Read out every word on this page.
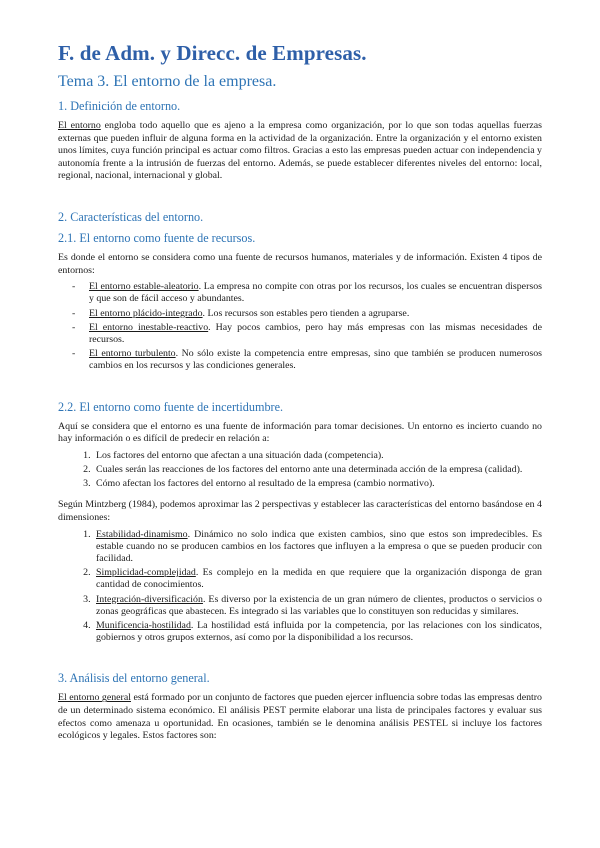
F. de Adm. y Direcc. de Empresas.
Tema 3. El entorno de la empresa.
1. Definición de entorno.

El entorno engloba todo aquello que es ajeno a la empresa como organización, por lo que son todas aquellas fuerzas externas que pueden influir de alguna forma en la actividad de la organización. Entre la organización y el entorno existen unos límites, cuya función principal es actuar como filtros. Gracias a esto las empresas pueden actuar con independencia y autonomía frente a la intrusión de fuerzas del entorno. Además, se puede establecer diferentes niveles del entorno: local, regional, nacional, internacional y global.

2. Características del entorno.
2.1. El entorno como fuente de recursos.

Es donde el entorno se considera como una fuente de recursos humanos, materiales y de información. Existen 4 tipos de entornos:

- El entorno estable-aleatorio. La empresa no compite con otras por los recursos, los cuales se encuentran dispersos y que son de fácil acceso y abundantes.
- El entorno plácido-integrado. Los recursos son estables pero tienden a agruparse.
- El entorno inestable-reactivo. Hay pocos cambios, pero hay más empresas con las mismas necesidades de recursos.
- El entorno turbulento. No sólo existe la competencia entre empresas, sino que también se producen numerosos cambios en los recursos y las condiciones generales.
2.2. El entorno como fuente de incertidumbre.

Aquí se considera que el entorno es una fuente de información para tomar decisiones. Un entorno es incierto cuando no hay información o es difícil de predecir en relación a:

1. Los factores del entorno que afectan a una situación dada (competencia).
2. Cuales serán las reacciones de los factores del entorno ante una determinada acción de la empresa (calidad).
3. Cómo afectan los factores del entorno al resultado de la empresa (cambio normativo).

Según Mintzberg (1984), podemos aproximar las 2 perspectivas y establecer las características del entorno basándose en 4 dimensiones:

1. Estabilidad-dinamismo. Dinámico no solo indica que existen cambios, sino que estos son impredecibles. Es estable cuando no se producen cambios en los factores que influyen a la empresa o que se pueden producir con facilidad.
2. Simplicidad-complejidad. Es complejo en la medida en que requiere que la organización disponga de gran cantidad de conocimientos.
3. Integración-diversificación. Es diverso por la existencia de un gran número de clientes, productos o servicios o zonas geográficas que abastecen. Es integrado si las variables que lo constituyen son reducidas y similares.
4. Munificencia-hostilidad. La hostilidad está influida por la competencia, por las relaciones con los sindicatos, gobiernos y otros grupos externos, así como por la disponibilidad a los recursos.
3. Análisis del entorno general.

El entorno general está formado por un conjunto de factores que pueden ejercer influencia sobre todas las empresas dentro de un determinado sistema económico. El análisis PEST permite elaborar una lista de principales factores y evaluar sus efectos como amenaza u oportunidad. En ocasiones, también se le denomina análisis PESTEL si incluye los factores ecológicos y legales. Estos factores son:
